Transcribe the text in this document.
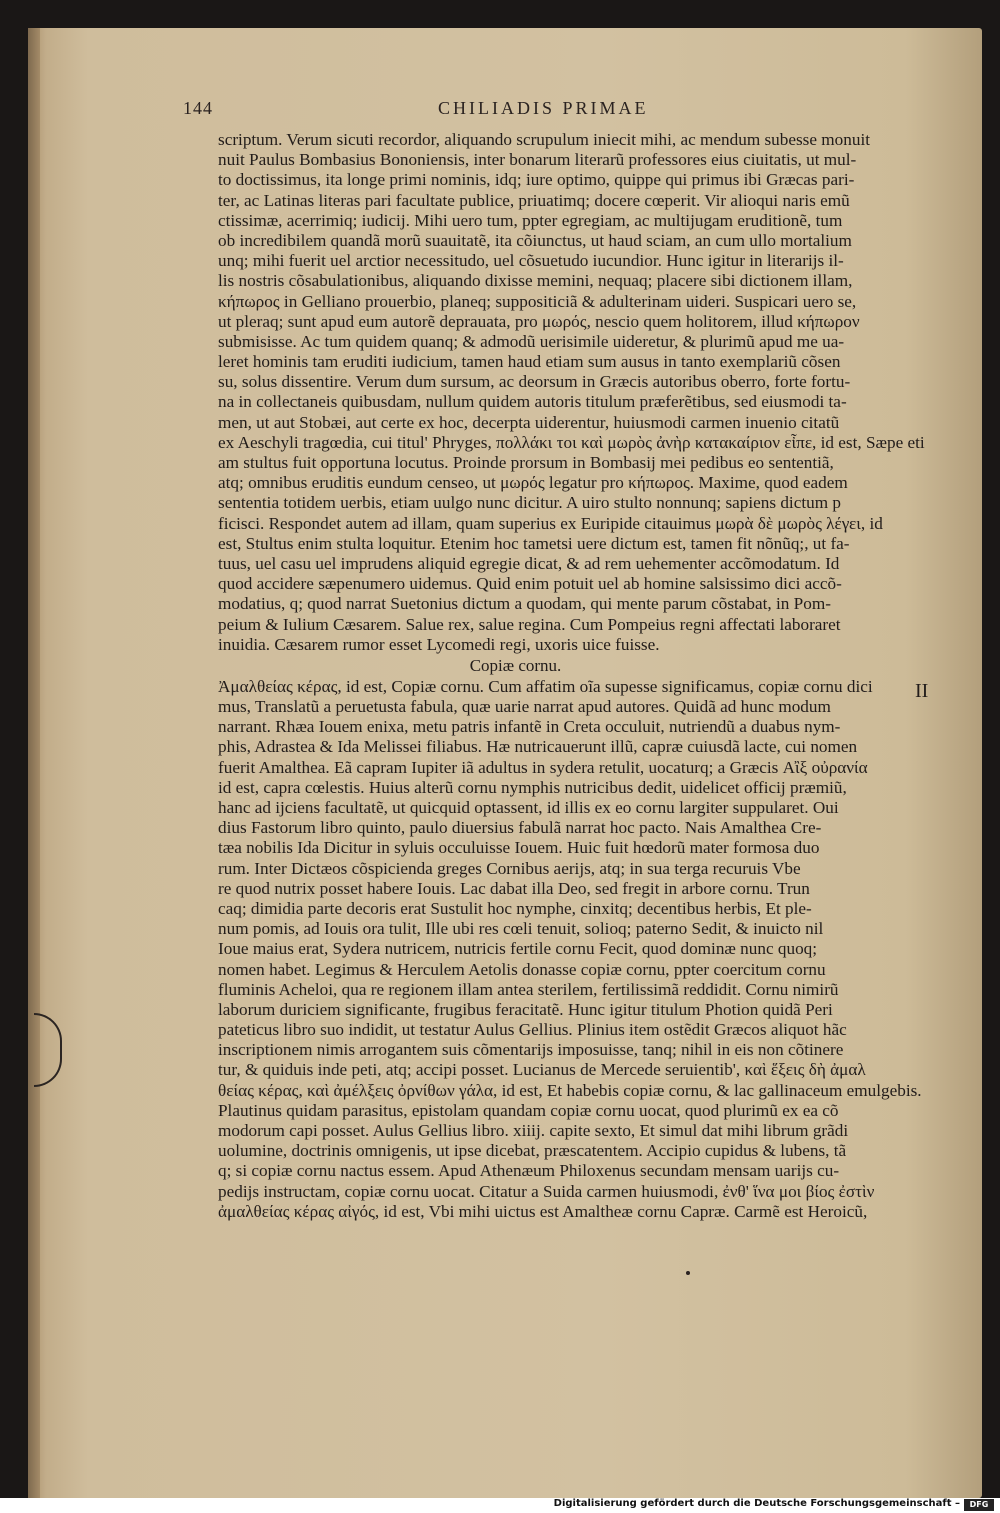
144	CHILIADIS PRIMAE
scriptum. Verum sicuti recordor, aliquando scrupulum iniecit mihi, ac mendum subesse monuit
nuit Paulus Bombasius Bononiensis, inter bonarum literarũ professores eius ciuitatis, ut mul-
to doctissimus, ita longe primi nominis, idq; iure optimo, quippe qui primus ibi Græcas pari-
ter, ac Latinas literas pari facultate publice, priuatimq; docere cœperit. Vir alioqui naris emũ
ctissimæ, acerrimiq; iudicij. Mihi uero tum, ppter egregiam, ac multijugam eruditionẽ, tum
ob incredibilem quandã morũ suauitatẽ, ita cõiunctus, ut haud sciam, an cum ullo mortalium
unq; mihi fuerit uel arctior necessitudo, uel cõsuetudo iucundior. Hunc igitur in literarijs il-
lis nostris cõsabulationibus, aliquando dixisse memini, nequaq; placere sibi dictionem illam,
κήπωρος in Gelliano prouerbio, planeq; suppositiciã & adulterinam uideri. Suspicari uero se,
ut pleraq; sunt apud eum autorẽ deprauata, pro μωρός, nescio quem holitorem, illud κήπωρον
submisisse. Ac tum quidem quanq; & admodũ uerisimile uideretur, & plurimũ apud me ua-
leret hominis tam eruditi iudicium, tamen haud etiam sum ausus in tanto exemplariũ cõsen
su, solus dissentire. Verum dum sursum, ac deorsum in Græcis autoribus oberro, forte fortu-
na in collectaneis quibusdam, nullum quidem autoris titulum præferẽtibus, sed eiusmodi ta-
men, ut aut Stobæi, aut certe ex hoc, decerpta uiderentur, huiusmodi carmen inuenio citatũ
ex Aeschyli tragœdia, cui titul' Phryges, πολλάκι τοι καὶ μωρὸς ἀνὴρ κατακαίριον εἶπε, id est, Sæpe eti
am stultus fuit opportuna locutus. Proinde prorsum in Bombasij mei pedibus eo sententiã,
atq; omnibus eruditis eundum censeo, ut μωρός legatur pro κήπωρος. Maxime, quod eadem
sententia totidem uerbis, etiam uulgo nunc dicitur. A uiro stulto nonnunq; sapiens dictum p
ficisci. Respondet autem ad illam, quam superius ex Euripide citauimus μωρὰ δὲ μωρὸς λέγει, id
est, Stultus enim stulta loquitur. Etenim hoc tametsi uere dictum est, tamen fit nõnũq;, ut fa-
tuus, uel casu uel imprudens aliquid egregie dicat, & ad rem uehementer accõmodatum. Id
quod accidere sæpenumero uidemus. Quid enim potuit uel ab homine salsissimo dici accõ-
modatius, q; quod narrat Suetonius dictum a quodam, qui mente parum cõstabat, in Pom-
peium & Iulium Cæsarem. Salue rex, salue regina. Cum Pompeius regni affectati laboraret
inuidia. Cæsarem rumor esset Lycomedi regi, uxoris uice fuisse.
Copiæ cornu.
Ἀμαλθείας κέρας, id est, Copiæ cornu. Cum affatim oĩa supesse significamus, copiæ cornu dici
mus, Translatũ a peruetusta fabula, quæ uarie narrat apud autores. Quidã ad hunc modum
narrant. Rhæa Iouem enixa, metu patris infantẽ in Creta occuluit, nutriendũ a duabus nym-
phis, Adrastea & Ida Melissei filiabus. Hæ nutricauerunt illũ, capræ cuiusdã lacte, cui nomen
fuerit Amalthea. Eã capram Iupiter iã adultus in sydera retulit, uocaturq; a Græcis Αἲξ οὐρανία
id est, capra cœlestis. Huius alterũ cornu nymphis nutricibus dedit, uidelicet officij præmiũ,
hanc ad ijciens facultatẽ, ut quicquid optassent, id illis ex eo cornu largiter suppularet. Oui
dius Fastorum libro quinto, paulo diuersius fabulã narrat hoc pacto. Nais Amalthea Cre-
tæa nobilis Ida Dicitur in syluis occuluisse Iouem. Huic fuit hœdorũ mater formosa duo
rum. Inter Dictæos cõspicienda greges Cornibus aerijs, atq; in sua terga recuruis Vbe
re quod nutrix posset habere Iouis. Lac dabat illa Deo, sed fregit in arbore cornu. Trun
caq; dimidia parte decoris erat Sustulit hoc nymphe, cinxitq; decentibus herbis, Et ple-
num pomis, ad Iouis ora tulit, Ille ubi res cœli tenuit, solioq; paterno Sedit, & inuicto nil
Ioue maius erat, Sydera nutricem, nutricis fertile cornu Fecit, quod dominæ nunc quoq;
nomen habet. Legimus & Herculem Aetolis donasse copiæ cornu, ppter coercitum cornu
fluminis Acheloi, qua re regionem illam antea sterilem, fertilissimã reddidit. Cornu nimirũ
laborum duriciem significante, frugibus feracitatẽ. Hunc igitur titulum Photion quidã Peri
pateticus libro suo indidit, ut testatur Aulus Gellius. Plinius item ostẽdit Græcos aliquot hãc
inscriptionem nimis arrogantem suis cõmentarijs imposuisse, tanq; nihil in eis non cõtinere
tur, & quiduis inde peti, atq; accipi posset. Lucianus de Mercede seruientib', καὶ ἕξεις δὴ ἀμαλ
θείας κέρας, καὶ ἀμέλξεις ὀρνίθων γάλα, id est, Et habebis copiæ cornu, & lac gallinaceum emulgebis.
Plautinus quidam parasitus, epistolam quandam copiæ cornu uocat, quod plurimũ ex ea cõ
modorum capi posset. Aulus Gellius libro. xiiij. capite sexto, Et simul dat mihi librum grãdi
uolumine, doctrinis omnigenis, ut ipse dicebat, præscatentem. Accipio cupidus & lubens, tã
q; si copiæ cornu nactus essem. Apud Athenæum Philoxenus secundam mensam uarijs cu-
pedijs instructam, copiæ cornu uocat. Citatur a Suida carmen huiusmodi, ἐνθ' ἵνα μοι βίος ἐστὶν
ἀμαλθείας κέρας αἰγός, id est, Vbi mihi uictus est Amaltheæ cornu Capræ. Carmẽ est Heroicũ,
II
Digitalisierung gefördert durch die Deutsche Forschungsgemeinschaft –	DFG
